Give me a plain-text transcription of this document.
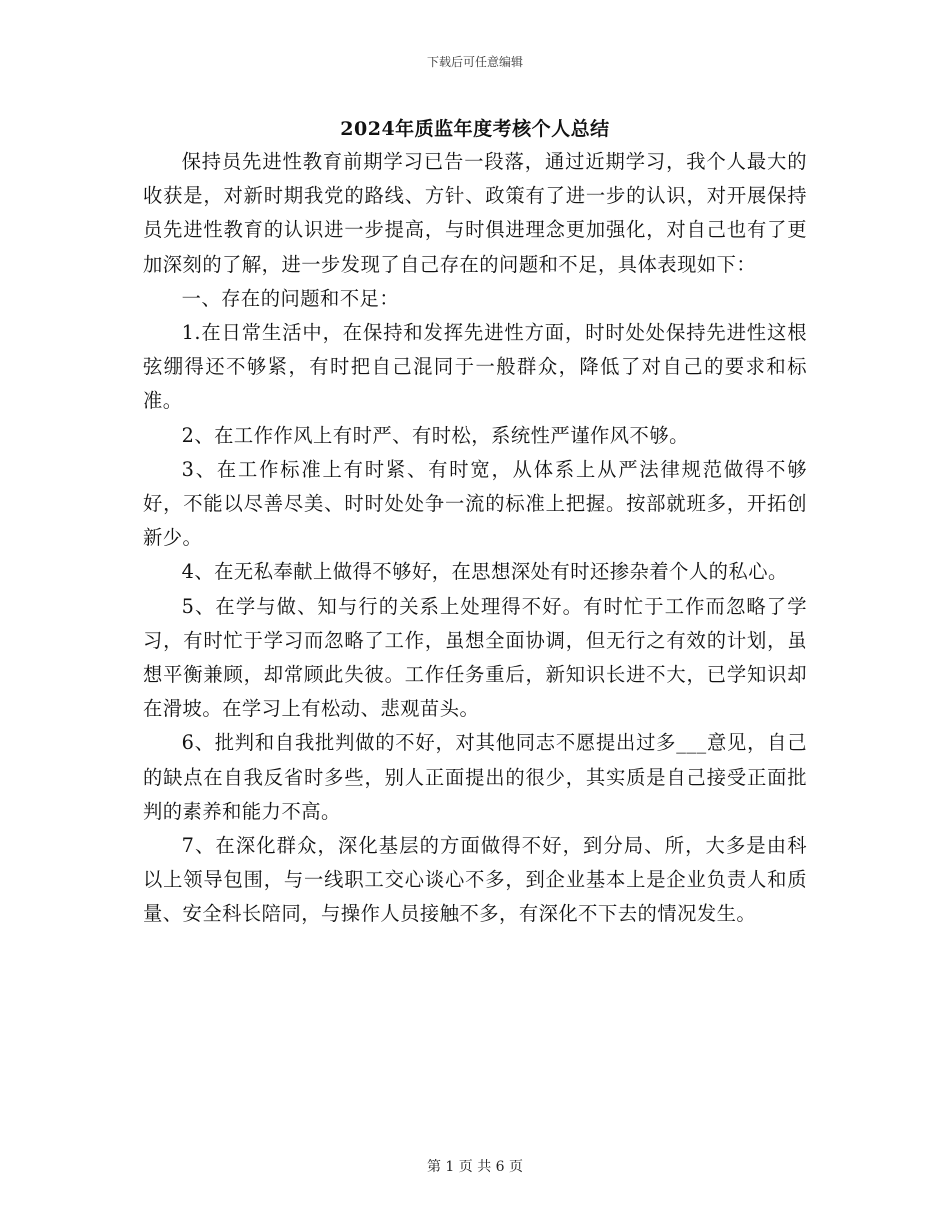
下载后可任意编辑
2024年质监年度考核个人总结

保持员先进性教育前期学习已告一段落，通过近期学习，我个人最大的收获是，对新时期我党的路线、方针、政策有了进一步的认识，对开展保持员先进性教育的认识进一步提高，与时俱进理念更加强化，对自己也有了更加深刻的了解，进一步发现了自己存在的问题和不足，具体表现如下：

一、存在的问题和不足：

1.在日常生活中，在保持和发挥先进性方面，时时处处保持先进性这根弦绷得还不够紧，有时把自己混同于一般群众，降低了对自己的要求和标准。

2、在工作作风上有时严、有时松，系统性严谨作风不够。

3、在工作标准上有时紧、有时宽，从体系上从严法律规范做得不够好，不能以尽善尽美、时时处处争一流的标准上把握。按部就班多，开拓创新少。

4、在无私奉献上做得不够好，在思想深处有时还掺杂着个人的私心。

5、在学与做、知与行的关系上处理得不好。有时忙于工作而忽略了学习，有时忙于学习而忽略了工作，虽想全面协调，但无行之有效的计划，虽想平衡兼顾，却常顾此失彼。工作任务重后，新知识长进不大，已学知识却在滑坡。在学习上有松动、悲观苗头。

6、批判和自我批判做的不好，对其他同志不愿提出过多___意见，自己的缺点在自我反省时多些，别人正面提出的很少，其实质是自己接受正面批判的素养和能力不高。

7、在深化群众，深化基层的方面做得不好，到分局、所，大多是由科以上领导包围，与一线职工交心谈心不多，到企业基本上是企业负责人和质量、安全科长陪同，与操作人员接触不多，有深化不下去的情况发生。

第 1 页 共 6 页
